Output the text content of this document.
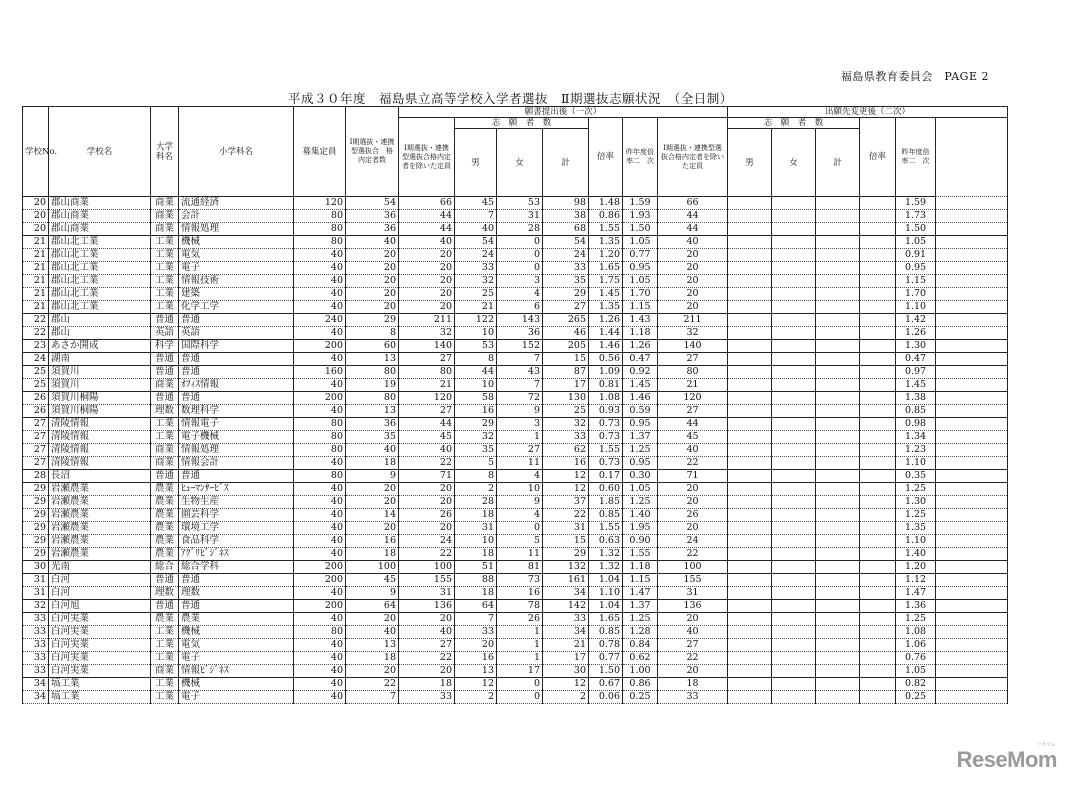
福島県教育委員会　PAGE 2
平成３０年度　福島県立高等学校入学者選抜　Ⅱ期選抜志願状況　（全日制）
学校No.	学校名	大学科名	小学科名	募集定員	Ⅰ期選抜・連携型選抜合　格内定者数	願書提出後（一次）							出願先変更後（二次）	
						Ⅰ期選抜・連携型選抜合格内定者を除いた定員	志　願　者　数			倍率	昨年度倍　率二　次	Ⅰ期選抜・連携型選抜合格内定者を除いた定員	志　願　者　数			倍率	昨年度倍　率二　次		
							男	女	計				男	女	計				
20	郡山商業	商業	流通経済	120	54	66	45	53	98	1.48	1.59	66					1.59		
20	郡山商業	商業	会計	80	36	44	7	31	38	0.86	1.93	44					1.73		
20	郡山商業	商業	情報処理	80	36	44	40	28	68	1.55	1.50	44					1.50		
21	郡山北工業	工業	機械	80	40	40	54	0	54	1.35	1.05	40					1.05		
21	郡山北工業	工業	電気	40	20	20	24	0	24	1.20	0.77	20					0.91		
21	郡山北工業	工業	電子	40	20	20	33	0	33	1.65	0.95	20					0.95		
21	郡山北工業	工業	情報技術	40	20	20	32	3	35	1.75	1.05	20					1.15		
21	郡山北工業	工業	建築	40	20	20	25	4	29	1.45	1.70	20					1.70		
21	郡山北工業	工業	化学工学	40	20	20	21	6	27	1.35	1.15	20					1.10		
22	郡山	普通	普通	240	29	211	122	143	265	1.26	1.43	211					1.42		
22	郡山	英語	英語	40	8	32	10	36	46	1.44	1.18	32					1.26		
23	あさか開成	科学	国際科学	200	60	140	53	152	205	1.46	1.26	140					1.30		
24	湖南	普通	普通	40	13	27	8	7	15	0.56	0.47	27					0.47		
25	須賀川	普通	普通	160	80	80	44	43	87	1.09	0.92	80					0.97		
25	須賀川	商業	ｵﾌｨｽ情報	40	19	21	10	7	17	0.81	1.45	21					1.45		
26	須賀川桐陽	普通	普通	200	80	120	58	72	130	1.08	1.46	120					1.38		
26	須賀川桐陽	理数	数理科学	40	13	27	16	9	25	0.93	0.59	27					0.85		
27	清陵情報	工業	情報電子	80	36	44	29	3	32	0.73	0.95	44					0.98		
27	清陵情報	工業	電子機械	80	35	45	32	1	33	0.73	1.37	45					1.34		
27	清陵情報	商業	情報処理	80	40	40	35	27	62	1.55	1.25	40					1.23		
27	清陵情報	商業	情報会計	40	18	22	5	11	16	0.73	0.95	22					1.10		
28	長沼	普通	普通	80	9	71	8	4	12	0.17	0.30	71					0.35		
29	岩瀬農業	農業	ﾋｭｰﾏﾝｻｰﾋﾞｽ	40	20	20	2	10	12	0.60	1.05	20					1.25		
29	岩瀬農業	農業	生物生産	40	20	20	28	9	37	1.85	1.25	20					1.30		
29	岩瀬農業	農業	園芸科学	40	14	26	18	4	22	0.85	1.40	26					1.25		
29	岩瀬農業	農業	環境工学	40	20	20	31	0	31	1.55	1.95	20					1.35		
29	岩瀬農業	農業	食品科学	40	16	24	10	5	15	0.63	0.90	24					1.10		
29	岩瀬農業	農業	ｱｸﾞﾘﾋﾞｼﾞﾈｽ	40	18	22	18	11	29	1.32	1.55	22					1.40		
30	光南	総合	総合学科	200	100	100	51	81	132	1.32	1.18	100					1.20		
31	白河	普通	普通	200	45	155	88	73	161	1.04	1.15	155					1.12		
31	白河	理数	理数	40	9	31	18	16	34	1.10	1.47	31					1.47		
32	白河旭	普通	普通	200	64	136	64	78	142	1.04	1.37	136					1.36		
33	白河実業	農業	農業	40	20	20	7	26	33	1.65	1.25	20					1.25		
33	白河実業	工業	機械	80	40	40	33	1	34	0.85	1.28	40					1.08		
33	白河実業	工業	電気	40	13	27	20	1	21	0.78	0.84	27					1.06		
33	白河実業	工業	電子	40	18	22	16	1	17	0.77	0.62	22					0.76		
33	白河実業	商業	情報ﾋﾞｼﾞﾈｽ	40	20	20	13	17	30	1.50	1.00	20					1.05		
34	塙工業	工業	機械	40	22	18	12	0	12	0.67	0.86	18					0.82		
34	塙工業	工業	電子	40	7	33	2	0	2	0.06	0.25	33					0.25		
リセマム
ReseMom
